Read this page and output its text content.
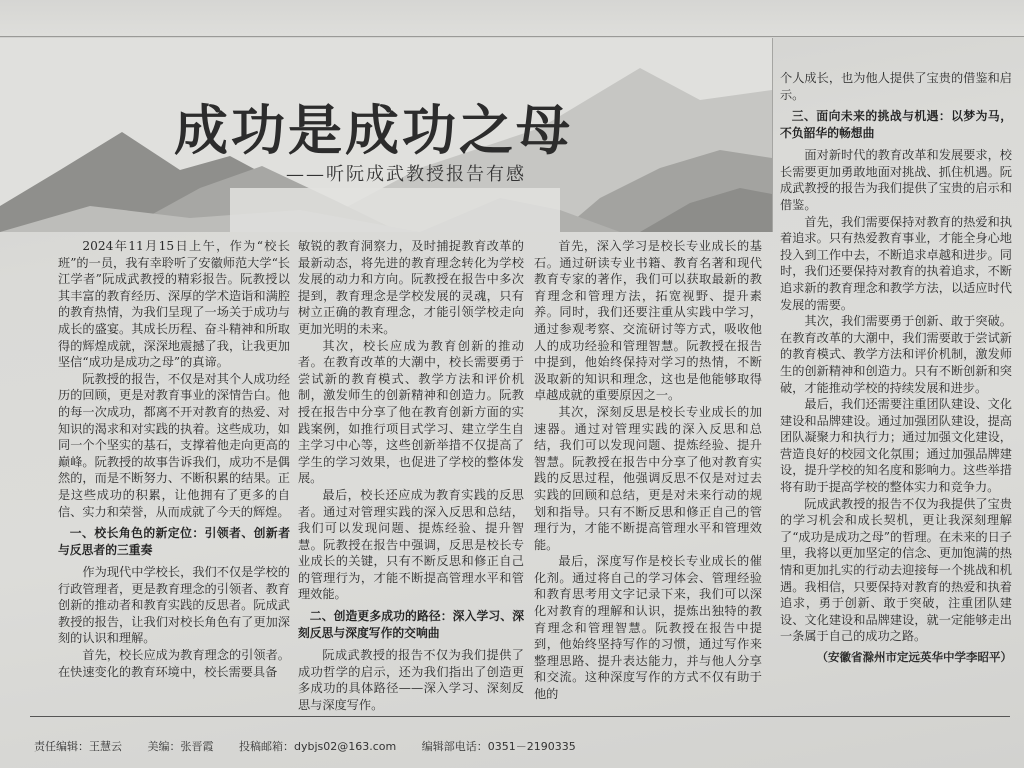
成功是成功之母
——听阮成武教授报告有感

2024年11月15日上午，作为“校长班”的一员，我有幸聆听了安徽师范大学“长江学者”阮成武教授的精彩报告。阮教授以其丰富的教育经历、深厚的学术造诣和满腔的教育热情，为我们呈现了一场关于成功与成长的盛宴。其成长历程、奋斗精神和所取得的辉煌成就，深深地震撼了我，让我更加坚信“成功是成功之母”的真谛。

阮教授的报告，不仅是对其个人成功经历的回顾，更是对教育事业的深情告白。他的每一次成功，都离不开对教育的热爱、对知识的渴求和对实践的执着。这些成功，如同一个个坚实的基石，支撑着他走向更高的巅峰。阮教授的故事告诉我们，成功不是偶然的，而是不断努力、不断积累的结果。正是这些成功的积累，让他拥有了更多的自信、实力和荣誉，从而成就了今天的辉煌。

一、校长角色的新定位：引领者、创新者与反思者的三重奏

作为现代中学校长，我们不仅是学校的行政管理者，更是教育理念的引领者、教育创新的推动者和教育实践的反思者。阮成武教授的报告，让我们对校长角色有了更加深刻的认识和理解。

首先，校长应成为教育理念的引领者。在快速变化的教育环境中，校长需要具备

敏锐的教育洞察力，及时捕捉教育改革的最新动态，将先进的教育理念转化为学校发展的动力和方向。阮教授在报告中多次提到，教育理念是学校发展的灵魂，只有树立正确的教育理念，才能引领学校走向更加光明的未来。

其次，校长应成为教育创新的推动者。在教育改革的大潮中，校长需要勇于尝试新的教育模式、教学方法和评价机制，激发师生的创新精神和创造力。阮教授在报告中分享了他在教育创新方面的实践案例，如推行项目式学习、建立学生自主学习中心等，这些创新举措不仅提高了学生的学习效果，也促进了学校的整体发展。

最后，校长还应成为教育实践的反思者。通过对管理实践的深入反思和总结，我们可以发现问题、提炼经验、提升智慧。阮教授在报告中强调，反思是校长专业成长的关键，只有不断反思和修正自己的管理行为，才能不断提高管理水平和管理效能。

二、创造更多成功的路径：深入学习、深刻反思与深度写作的交响曲

阮成武教授的报告不仅为我们提供了成功哲学的启示，还为我们指出了创造更多成功的具体路径——深入学习、深刻反思与深度写作。

首先，深入学习是校长专业成长的基石。通过研读专业书籍、教育名著和现代教育专家的著作，我们可以获取最新的教育理念和管理方法，拓宽视野、提升素养。同时，我们还要注重从实践中学习，通过参观考察、交流研讨等方式，吸收他人的成功经验和管理智慧。阮教授在报告中提到，他始终保持对学习的热情，不断汲取新的知识和理念，这也是他能够取得卓越成就的重要原因之一。

其次，深刻反思是校长专业成长的加速器。通过对管理实践的深入反思和总结，我们可以发现问题、提炼经验、提升智慧。阮教授在报告中分享了他对教育实践的反思过程，他强调反思不仅是对过去实践的回顾和总结，更是对未来行动的规划和指导。只有不断反思和修正自己的管理行为，才能不断提高管理水平和管理效能。

最后，深度写作是校长专业成长的催化剂。通过将自己的学习体会、管理经验和教育思考用文字记录下来，我们可以深化对教育的理解和认识，提炼出独特的教育理念和管理智慧。阮教授在报告中提到，他始终坚持写作的习惯，通过写作来整理思路、提升表达能力，并与他人分享和交流。这种深度写作的方式不仅有助于他的

个人成长，也为他人提供了宝贵的借鉴和启示。

三、面向未来的挑战与机遇：以梦为马，不负韶华的畅想曲

面对新时代的教育改革和发展要求，校长需要更加勇敢地面对挑战、抓住机遇。阮成武教授的报告为我们提供了宝贵的启示和借鉴。

首先，我们需要保持对教育的热爱和执着追求。只有热爱教育事业，才能全身心地投入到工作中去，不断追求卓越和进步。同时，我们还要保持对教育的执着追求，不断追求新的教育理念和教学方法，以适应时代发展的需要。

其次，我们需要勇于创新、敢于突破。在教育改革的大潮中，我们需要敢于尝试新的教育模式、教学方法和评价机制，激发师生的创新精神和创造力。只有不断创新和突破，才能推动学校的持续发展和进步。

最后，我们还需要注重团队建设、文化建设和品牌建设。通过加强团队建设，提高团队凝聚力和执行力；通过加强文化建设，营造良好的校园文化氛围；通过加强品牌建设，提升学校的知名度和影响力。这些举措将有助于提高学校的整体实力和竞争力。

阮成武教授的报告不仅为我提供了宝贵的学习机会和成长契机，更让我深刻理解了“成功是成功之母”的哲理。在未来的日子里，我将以更加坚定的信念、更加饱满的热情和更加扎实的行动去迎接每一个挑战和机遇。我相信，只要保持对教育的热爱和执着追求，勇于创新、敢于突破，注重团队建设、文化建设和品牌建设，就一定能够走出一条属于自己的成功之路。

（安徽省滁州市定远英华中学李昭平）

责任编辑：王慧云 美编：张晋霞 投稿邮箱：dybjs02@163.com 编辑部电话：0351－2190335
